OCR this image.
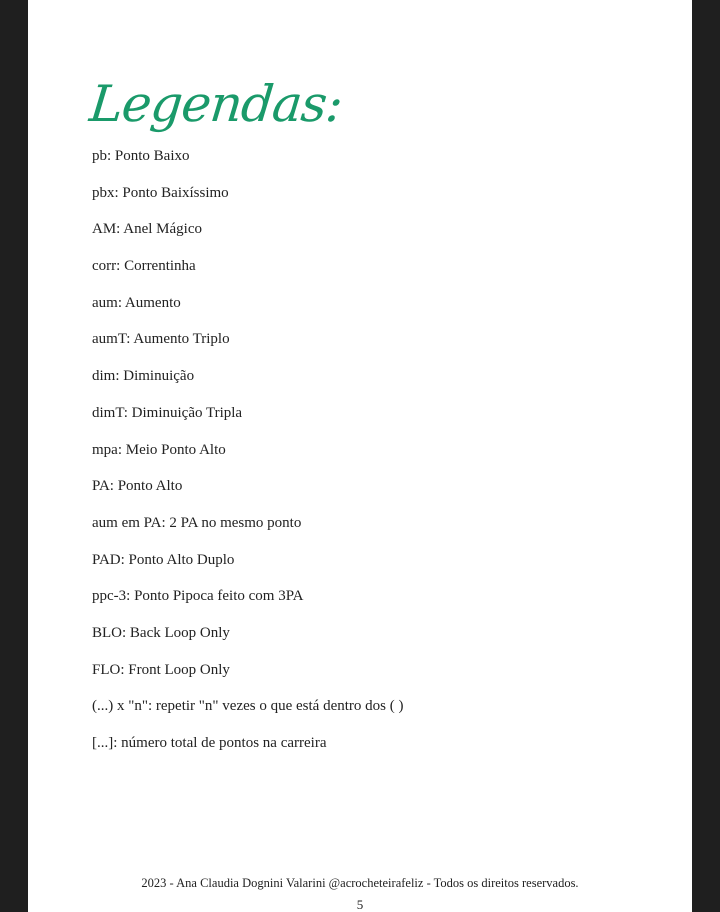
Legendas:
pb: Ponto Baixo
pbx: Ponto Baixíssimo
AM: Anel Mágico
corr: Correntinha
aum: Aumento
aumT: Aumento Triplo
dim: Diminuição
dimT: Diminuição Tripla
mpa: Meio Ponto Alto
PA: Ponto Alto
aum em PA: 2 PA no mesmo ponto
PAD: Ponto Alto Duplo
ppc-3: Ponto Pipoca feito com 3PA
BLO: Back Loop Only
FLO: Front Loop Only
(...) x "n": repetir "n" vezes o que está dentro dos ( )
[...]: número total de pontos na carreira
2023 - Ana Claudia Dognini Valarini @acrocheteirafeliz - Todos os direitos reservados.
5
